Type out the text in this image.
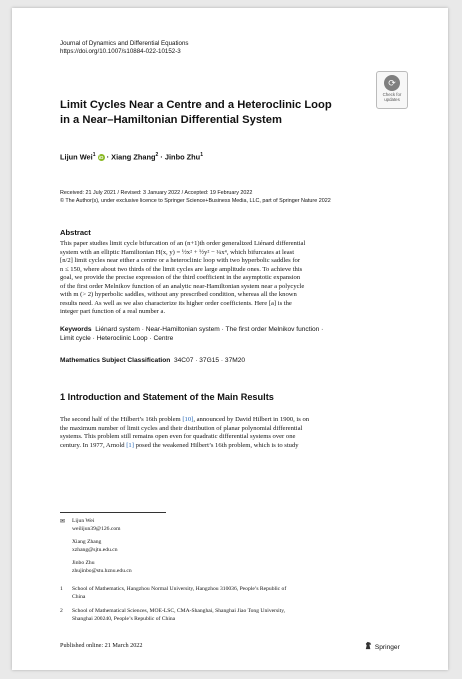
Journal of Dynamics and Differential Equations
https://doi.org/10.1007/s10884-022-10152-3
⟳
Check for
updates
Limit Cycles Near a Centre and a Heteroclinic Loop
in a Near–Hamiltonian Differential System
Lijun Wei$^1$ iD · Xiang Zhang$^2$ · Jinbo Zhu$^1$
Received: 21 July 2021 / Revised: 3 January 2022 / Accepted: 19 February 2022
© The Author(s), under exclusive licence to Springer Science+Business Media, LLC, part of Springer Nature 2022
Abstract
This paper studies limit cycle bifurcation of an (n+1)th order generalized Liénard differential
system with an elliptic Hamiltonian H(x, y) = ½x² + ½y² − ¼x⁴, which bifurcates at least
[n/2] limit cycles near either a centre or a heteroclinic loop with two hyperbolic saddles for
n ≤ 150, where about two thirds of the limit cycles are large amplitude ones. To achieve this
goal, we provide the precise expression of the third coefficient in the asymptotic expansion
of the first order Melnikov function of an analytic near-Hamiltonian system near a polycycle
with m (> 2) hyperbolic saddles, without any prescribed condition, whereas all the known
results need. As well as we also characterize its higher order coefficients. Here [a] is the
integer part function of a real number a.
Keywords Liénard system · Near-Hamiltonian system · The first order Melnikov function ·
Limit cycle · Heteroclinic Loop · Centre
Mathematics Subject Classification 34C07 · 37G15 · 37M20
1 Introduction and Statement of the Main Results
The second half of the Hilbert’s 16th problem [10], announced by David Hilbert in 1900, is on
the maximum number of limit cycles and their distribution of planar polynomial differential
systems. This problem still remains open even for quadratic differential systems over one
century. In 1977, Arnold [1] posed the weakened Hilbert’s 16th problem, which is to study
✉ Lijun Wei
weilijun39@126.com
Xiang Zhang
xzhang@sjtu.edu.cn
Jinbo Zhu
zhujinbo@stu.hznu.edu.cn
1 School of Mathematics, Hangzhou Normal University, Hangzhou 310036, People’s Republic of
China
2 School of Mathematical Sciences, MOE-LSC, CMA-Shanghai, Shanghai Jiao Tong University,
Shanghai 200240, People’s Republic of China
Published online: 21 March 2022	Springer
